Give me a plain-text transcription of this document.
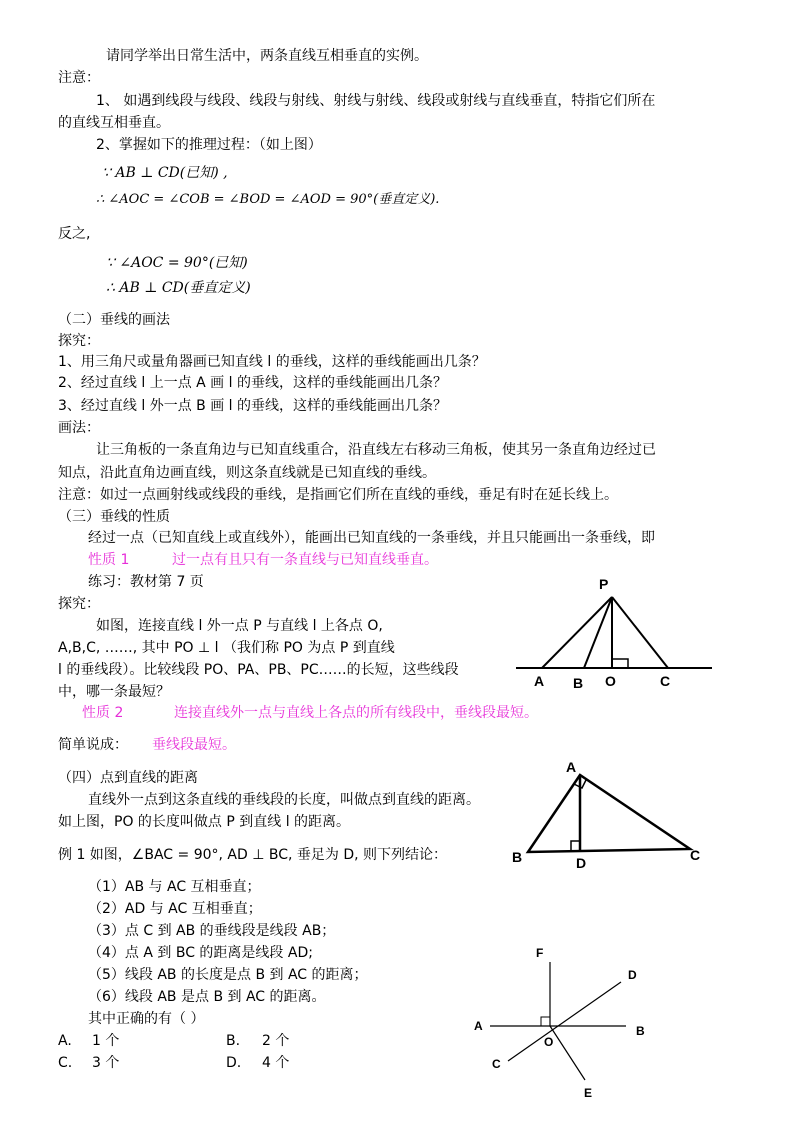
请同学举出日常生活中，两条直线互相垂直的实例。
注意：
1、 如遇到线段与线段、线段与射线、射线与射线、线段或射线与直线垂直，特指它们所在
的直线互相垂直。
2、掌握如下的推理过程：（如上图）
∵ AB ⊥ CD(已知) ,
∴ ∠AOC = ∠COB = ∠BOD = ∠AOD = 90°(垂直定义).
反之,
∵ ∠AOC = 90°(已知)
∴ AB ⊥ CD(垂直定义)
（二）垂线的画法
探究：
1、用三角尺或量角器画已知直线 l 的垂线，这样的垂线能画出几条？
2、经过直线 l 上一点 A 画 l 的垂线，这样的垂线能画出几条？
3、经过直线 l 外一点 B 画 l 的垂线，这样的垂线能画出几条？
画法：
让三角板的一条直角边与已知直线重合，沿直线左右移动三角板，使其另一条直角边经过已
知点，沿此直角边画直线，则这条直线就是已知直线的垂线。
注意：如过一点画射线或线段的垂线，是指画它们所在直线的垂线，垂足有时在延长线上。
（三）垂线的性质
经过一点（已知直线上或直线外），能画出已知直线的一条垂线，并且只能画出一条垂线，即
性质 1	过一点有且只有一条直线与已知直线垂直。
练习：教材第 7 页
探究：
如图，连接直线 l 外一点 P 与直线 l 上各点 O,
A,B,C, ……, 其中 PO ⊥ l （我们称 PO 为点 P 到直线
l 的垂线段）。比较线段 PO、PA、PB、PC……的长短，这些线段
中，哪一条最短？
性质 2	连接直线外一点与直线上各点的所有线段中，垂线段最短。
简单说成： 垂线段最短。
（四）点到直线的距离
直线外一点到这条直线的垂线段的长度，叫做点到直线的距离。
如上图，PO 的长度叫做点 P 到直线 l 的距离。
例 1 如图，∠BAC = 90°, AD ⊥ BC, 垂足为 D, 则下列结论：
（1）AB 与 AC 互相垂直；
（2）AD 与 AC 互相垂直；
（3）点 C 到 AB 的垂线段是线段 AB；
（4）点 A 到 BC 的距离是线段 AD;
（5）线段 AB 的长度是点 B 到 AC 的距离；
（6）线段 AB 是点 B 到 AC 的距离。
其中正确的有（ ）
A. 1 个	B. 2 个
C. 3 个	D. 4 个
P
A B O	C
A
B	D	C
F
D
A	B
O
C
E
